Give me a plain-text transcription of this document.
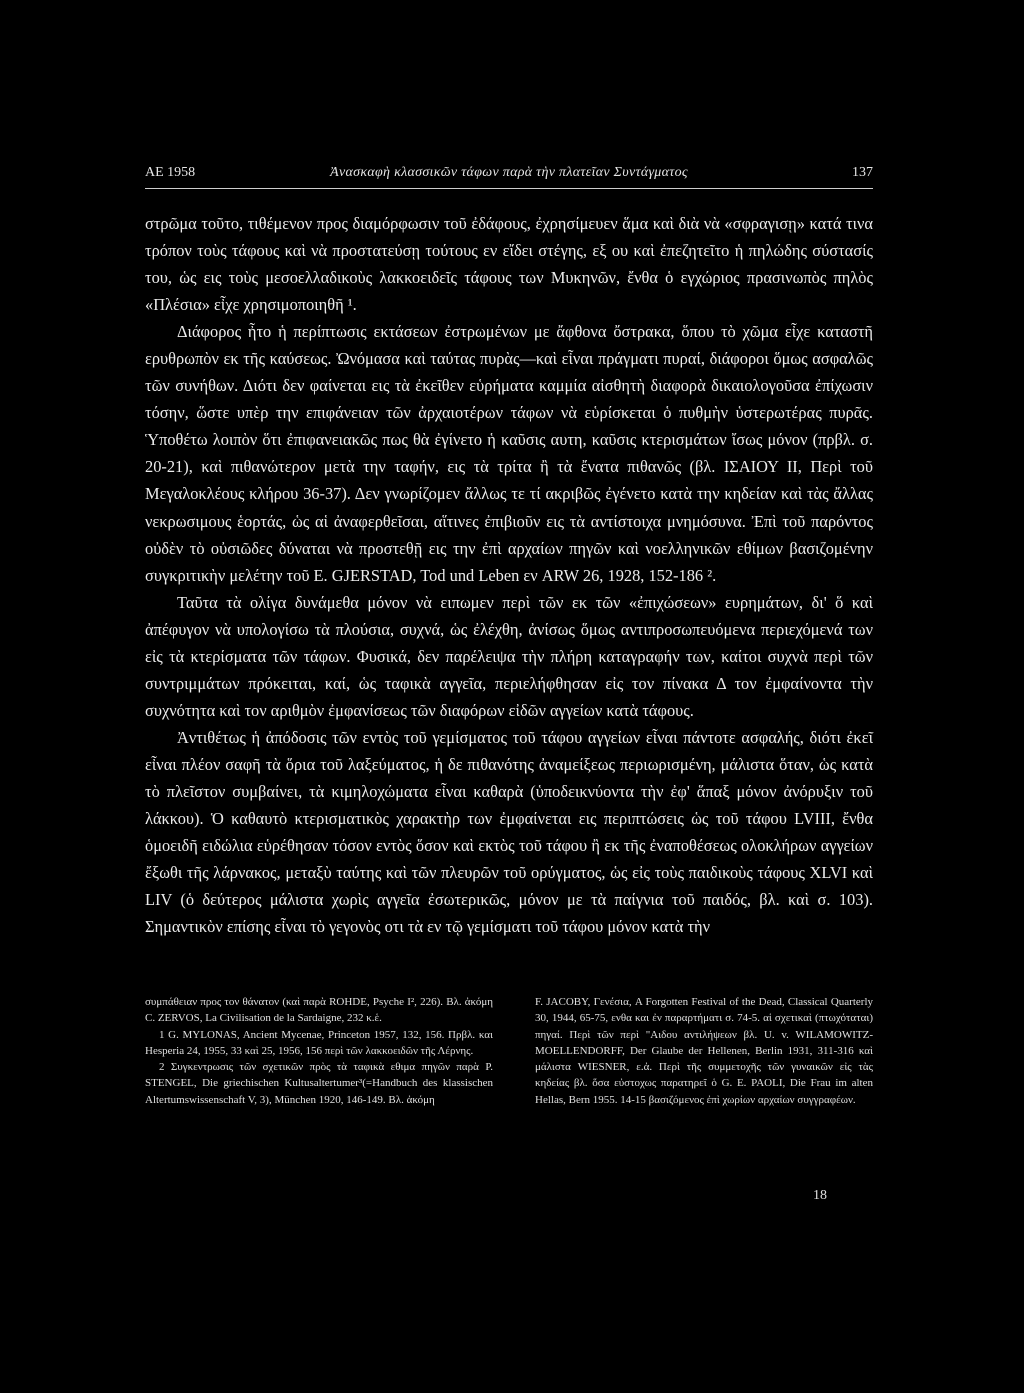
ΑΕ 1958	Ἀνασκαφὴ κλασσικῶν τάφων παρὰ τὴν πλατεῖαν Συντάγματος	137

στρῶμα τοῦτο, τιθέμενον προς διαμόρφωσιν τοῦ ἐδάφους, ἐχρησίμευεν ἅμα καὶ διὰ νὰ «σφραγισῃ» κατά τινα τρόπον τοὺς τάφους καὶ νὰ προστατεύσῃ τούτους εν εἴδει στέγης, εξ ου καὶ ἐπεζητεῖτο ἡ πηλώδης σύστασίς του, ὡς εις τοὺς μεσοελλαδικοὺς λακκοειδεῖς τάφους των Μυκηνῶν, ἔνθα ὁ εγχώριος πρασινωπὸς πηλὸς «Πλέσια» εἶχε χρησιμοποιηθῆ ¹.

Διάφορος ἦτο ἡ περίπτωσις εκτάσεων ἐστρωμένων με ἄφθονα ὄστρακα, ὅπου τὸ χῶμα εἶχε καταστῆ ερυθρωπὸν εκ τῆς καύσεως. Ὠνόμασα καὶ ταύτας πυρὰς—καὶ εἶναι πράγματι πυραί, διάφοροι ὅμως ασφαλῶς τῶν συνήθων. Διότι δεν φαίνεται εις τὰ ἐκεῖθεν εὑρήματα καμμία αἰσθητὴ διαφορὰ δικαιολογοῦσα ἐπίχωσιν τόσην, ὥστε υπὲρ την επιφάνειαν τῶν ἀρχαιοτέρων τάφων νὰ εὑρίσκεται ὁ πυθμὴν ὑστερωτέρας πυρᾶς. Ὑποθέτω λοιπὸν ὅτι ἐπιφανειακῶς πως θὰ ἐγίνετο ἡ καῦσις αυτη, καῦσις κτερισμάτων ἴσως μόνον (πρβλ. σ. 20-21), καὶ πιθανώτερον μετὰ την ταφήν, εις τὰ τρίτα ἢ τὰ ἔνατα πιθανῶς (βλ. ΙΣΑΙΟΥ ΙΙ, Περὶ τοῦ Μεγαλοκλέους κλήρου 36-37). Δεν γνωρίζομεν ἄλλως τε τί ακριβῶς ἐγένετο κατὰ την κηδείαν καὶ τὰς ἄλλας νεκρωσιμους ἑορτάς, ὡς αἱ ἀναφερθεῖσαι, αἵτινες ἐπιβιοῦν εις τὰ αντίστοιχα μνημόσυνα. Ἐπὶ τοῦ παρόντος οὐδὲν τὸ οὐσιῶδες δύναται νὰ προστεθῇ εις την ἐπὶ αρχαίων πηγῶν καὶ νοελληνικῶν εθίμων βασιζομένην συγκριτικὴν μελέτην τοῦ E. GJERSTAD, Tod und Leben εν ARW 26, 1928, 152-186 ².

Ταῦτα τὰ ολίγα δυνάμεθα μόνον νὰ ειπωμεν περὶ τῶν εκ τῶν «ἐπιχώσεων» ευρημάτων, δι' ὅ καὶ ἀπέφυγον νὰ υπολογίσω τὰ πλούσια, συχνά, ὡς ἐλέχθη, ἀνίσως ὅμως αντιπροσωπευόμενα περιεχόμενά των εἰς τὰ κτερίσματα τῶν τάφων. Φυσικά, δεν παρέλειψα τὴν πλήρη καταγραφήν των, καίτοι συχνὰ περὶ τῶν συντριμμάτων πρόκειται, καί, ὡς ταφικὰ αγγεῖα, περιελήφθησαν εἰς τον πίνακα Δ τον ἐμφαίνοντα τὴν συχνότητα καὶ τον αριθμὸν ἐμφανίσεως τῶν διαφόρων εἰδῶν αγγείων κατὰ τάφους.

Ἀντιθέτως ἡ ἀπόδοσις τῶν εντὸς τοῦ γεμίσματος τοῦ τάφου αγγείων εἶναι πάντοτε ασφαλής, διότι ἐκεῖ εἶναι πλέον σαφῆ τὰ ὅρια τοῦ λαξεύματος, ἡ δε πιθανότης ἀναμείξεως περιωρισμένη, μάλιστα ὅταν, ὡς κατὰ τὸ πλεῖστον συμβαίνει, τὰ κιμηλοχώματα εἶναι καθαρὰ (ὑποδεικνύοντα τὴν ἐφ' ἅπαξ μόνον ἀνόρυξιν τοῦ λάκκου). Ὁ καθαυτὸ κτερισματικὸς χαρακτὴρ των ἐμφαίνεται εις περιπτώσεις ὡς τοῦ τάφου LVIII, ἔνθα ὁμοειδῆ ειδώλια εὑρέθησαν τόσον εντὸς ὅσον καὶ εκτὸς τοῦ τάφου ἢ εκ τῆς ἐναποθέσεως ολοκλήρων αγγείων ἔξωθι τῆς λάρνακος, μεταξὺ ταύτης καὶ τῶν πλευρῶν τοῦ ορύγματος, ὡς εἰς τοὺς παιδικοὺς τάφους XLVI καὶ LIV (ὁ δεύτερος μάλιστα χωρὶς αγγεῖα ἐσωτερικῶς, μόνον με τὰ παίγνια τοῦ παιδός, βλ. καὶ σ. 103). Σημαντικὸν επίσης εἶναι τὸ γεγονὸς οτι τὰ εν τῷ γεμίσματι τοῦ τάφου μόνον κατὰ τὴν

συμπάθειαν προς τον θάνατον (καὶ παρὰ ROHDE, Psyche I², 226). Βλ. ἀκόμη C. ZERVOS, La Civilisation de la Sardaigne, 232 κ.ἑ.

1 G. MYLONAS, Ancient Mycenae, Princeton 1957, 132, 156. Πρβλ. και Hesperia 24, 1955, 33 καὶ 25, 1956, 156 περὶ τῶν λακκοειδῶν τῆς Λέρνης.

2 Συγκεντρωσις τῶν σχετικῶν πρὸς τὰ ταφικὰ εθιμα πηγῶν παρὰ P. STENGEL, Die griechischen Kultusaltertumer³(=Handbuch des klassischen Altertumswissenschaft V, 3), München 1920, 146-149. Βλ. ἀκόμη

F. JACOBY, Γενέσια, A Forgotten Festival of the Dead, Classical Quarterly 30, 1944, 65-75, ενθα και ἐν παραρτήματι σ. 74-5. αἱ σχετικαὶ (πτωχόταται) πηγαί. Περὶ τῶν περὶ "Αιδου αντιλήψεων βλ. U. v. WILAMOWITZ-MOELLENDORFF, Der Glaube der Hellenen, Berlin 1931, 311-316 καὶ μάλιστα WIESNER, ε.ἀ. Περὶ τῆς συμμετοχῆς τῶν γυναικῶν εἰς τὰς κηδείας βλ. ὅσα εὐστοχως παρατηρεῖ ὁ G. E. PAOLI, Die Frau im alten Hellas, Bern 1955. 14-15 βασιζόμενος ἐπὶ χωρίων αρχαίων συγγραφέων.

18
